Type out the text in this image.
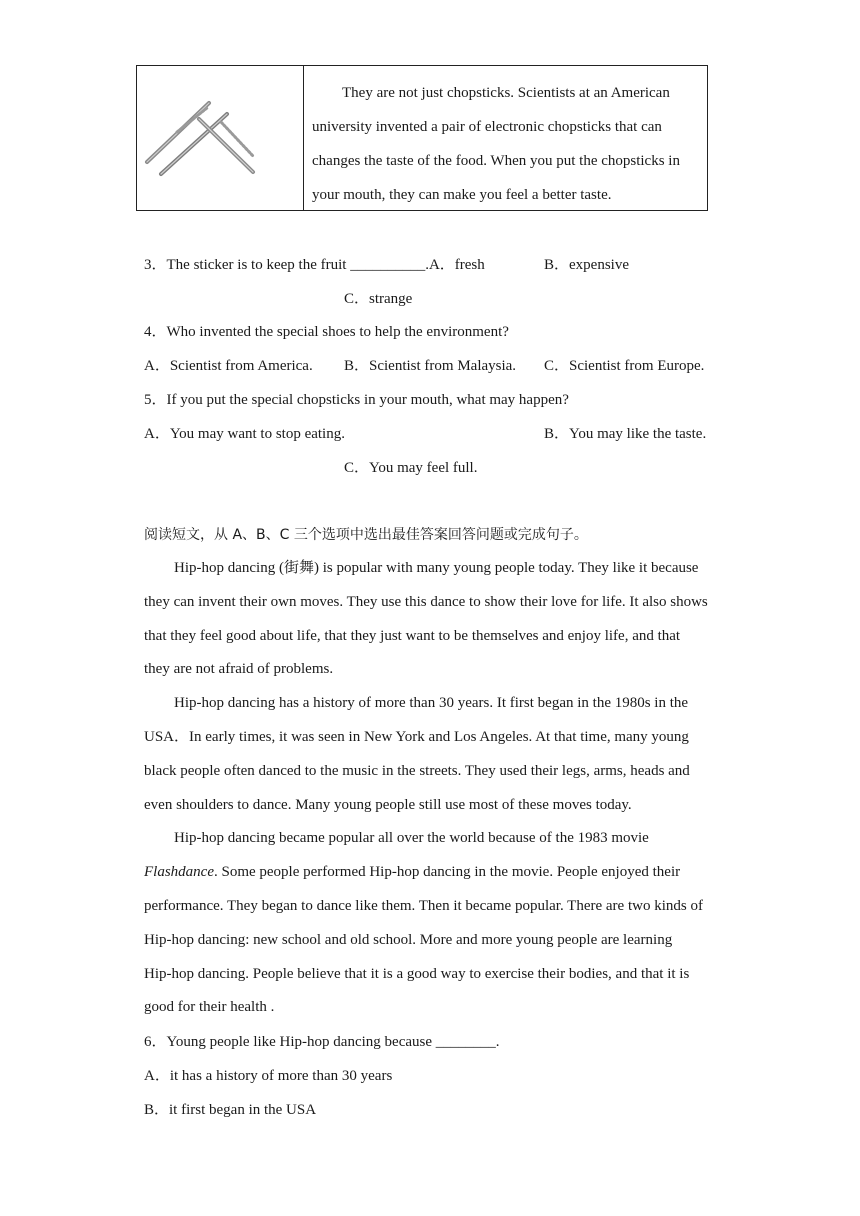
They are not just chopsticks. Scientists at an American
university invented a pair of electronic chopsticks that can
changes the taste of the food. When you put the chopsticks in
your mouth, they can make you feel a better taste.
3．The sticker is to keep the fruit __________.A．fresh	B．expensive
C．strange
4．Who invented the special shoes to help the environment?
A．Scientist from America. B．Scientist from Malaysia. C．Scientist from Europe.
5．If you put the special chopsticks in your mouth, what may happen?
A．You may want to stop eating.	B．You may like the taste.
C．You may feel full.
阅读短文，从 A、B、C 三个选项中选出最佳答案回答问题或完成句子。
Hip-hop dancing (街舞) is popular with many young people today. They like it because
they can invent their own moves. They use this dance to show their love for life. It also shows
that they feel good about life, that they just want to be themselves and enjoy life, and that
they are not afraid of problems.
Hip-hop dancing has a history of more than 30 years. It first began in the 1980s in the
USA．In early times, it was seen in New York and Los Angeles. At that time, many young
black people often danced to the music in the streets. They used their legs, arms, heads and
even shoulders to dance. Many young people still use most of these moves today.
Hip-hop dancing became popular all over the world because of the 1983 movie
Flashdance. Some people performed Hip-hop dancing in the movie. People enjoyed their
performance. They began to dance like them. Then it became popular. There are two kinds of
Hip-hop dancing: new school and old school. More and more young people are learning
Hip-hop dancing. People believe that it is a good way to exercise their bodies, and that it is
good for their health .
6．Young people like Hip-hop dancing because ________.
A．it has a history of more than 30 years
B．it first began in the USA
